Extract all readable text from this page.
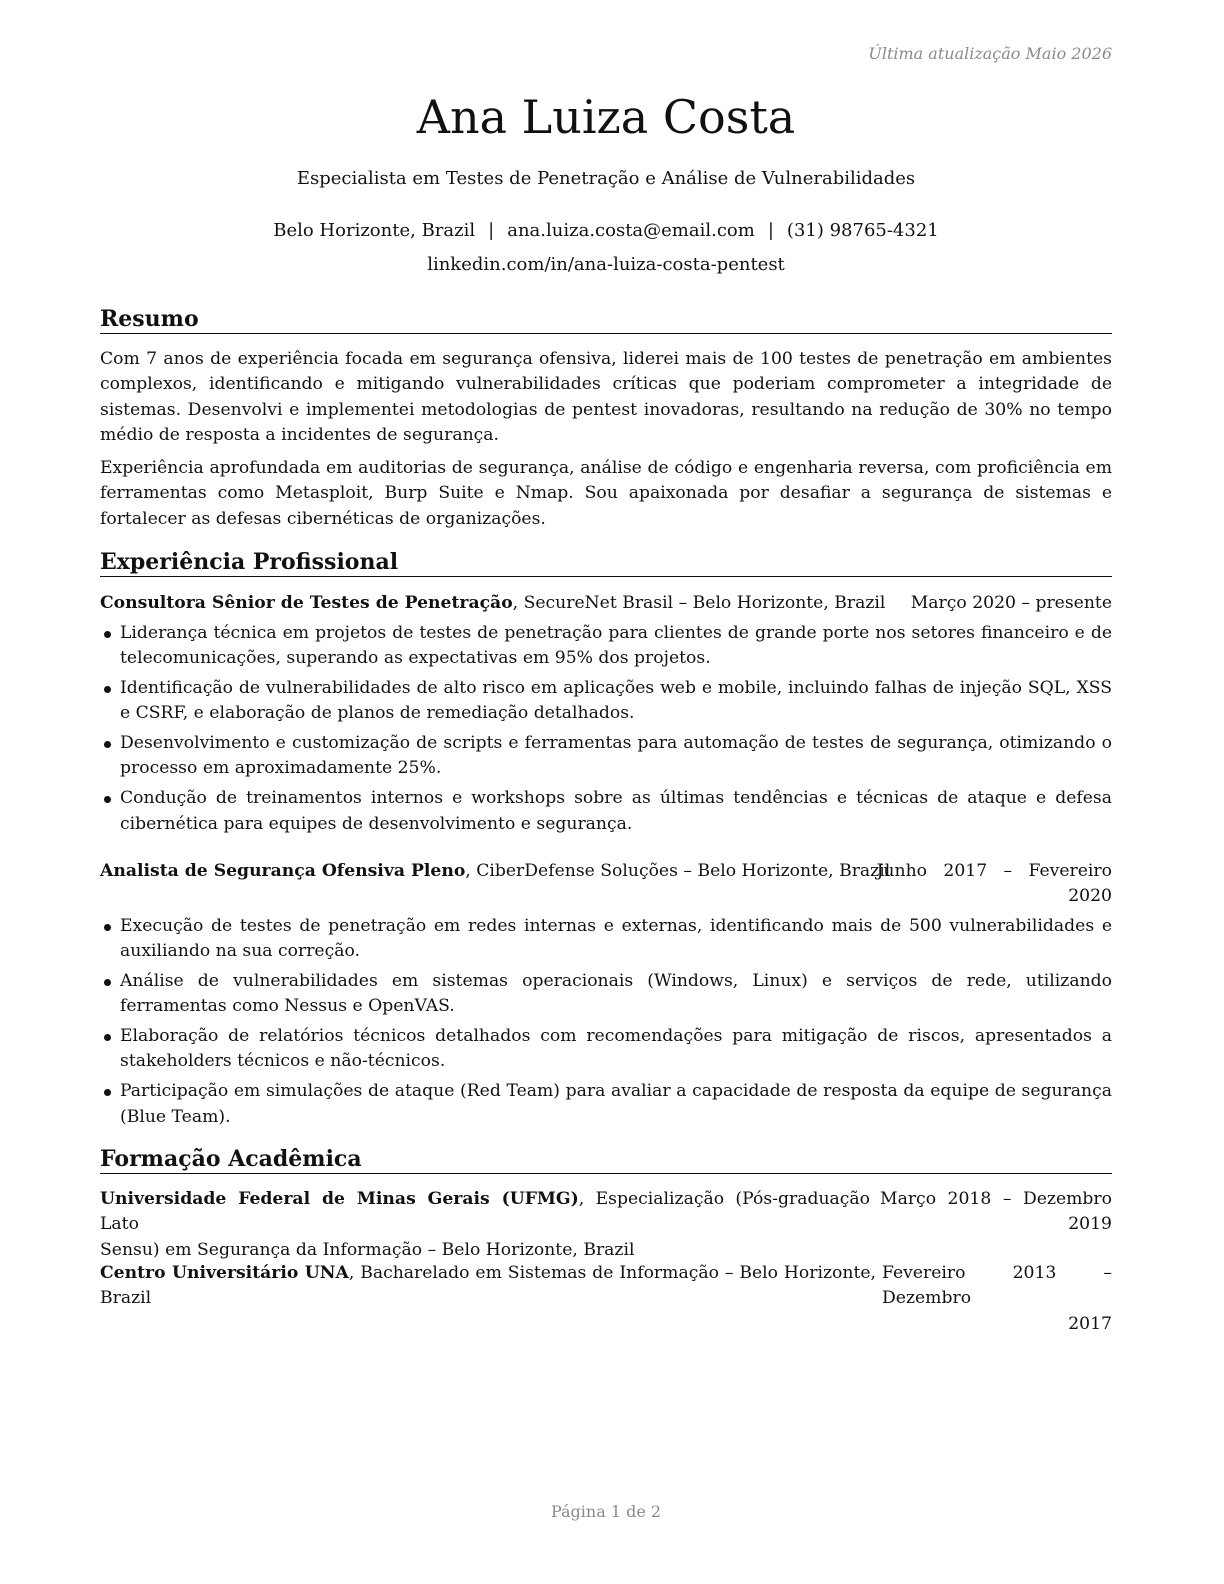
Última atualização Maio 2026
Ana Luiza Costa
Especialista em Testes de Penetração e Análise de Vulnerabilidades
Belo Horizonte, Brazil | ana.luiza.costa@email.com | (31) 98765-4321
linkedin.com/in/ana-luiza-costa-pentest
Resumo

Com 7 anos de experiência focada em segurança ofensiva, liderei mais de 100 testes de penetração em ambientes complexos, identificando e mitigando vulnerabilidades críticas que poderiam comprometer a integridade de sistemas. Desenvolvi e implementei metodologias de pentest inovadoras, resultando na redução de 30% no tempo médio de resposta a incidentes de segurança.

Experiência aprofundada em auditorias de segurança, análise de código e engenharia reversa, com proficiência em ferramentas como Metasploit, Burp Suite e Nmap. Sou apaixonada por desafiar a segurança de sistemas e fortalecer as defesas cibernéticas de organizações.

Experiência Profissional
Consultora Sênior de Testes de Penetração, SecureNet Brasil – Belo Horizonte, Brazil Março 2020 – presente
Liderança técnica em projetos de testes de penetração para clientes de grande porte nos setores financeiro e de telecomunicações, superando as expectativas em 95% dos projetos.
Identificação de vulnerabilidades de alto risco em aplicações web e mobile, incluindo falhas de injeção SQL, XSS e CSRF, e elaboração de planos de remediação detalhados.
Desenvolvimento e customização de scripts e ferramentas para automação de testes de segurança, otimizando o processo em aproximadamente 25%.
Condução de treinamentos internos e workshops sobre as últimas tendências e técnicas de ataque e defesa cibernética para equipes de desenvolvimento e segurança.
Analista de Segurança Ofensiva Pleno, CiberDefense Soluções – Belo Horizonte, Brazil
Junho   2017   –   Fevereiro
2020
Execução de testes de penetração em redes internas e externas, identificando mais de 500 vulnerabilidades e auxiliando na sua correção.
Análise de vulnerabilidades em sistemas operacionais (Windows, Linux) e serviços de rede, utilizando ferramentas como Nessus e OpenVAS.
Elaboração de relatórios técnicos detalhados com recomendações para mitigação de riscos, apresentados a stakeholders técnicos e não-técnicos.
Participação em simulações de ataque (Red Team) para avaliar a capacidade de resposta da equipe de segurança (Blue Team).
Formação Acadêmica
Universidade Federal de Minas Gerais (UFMG), Especialização (Pós-graduação Lato
Sensu) em Segurança da Informação – Belo Horizonte, Brazil
Março 2018 – Dezembro
2019
Centro Universitário UNA, Bacharelado em Sistemas de Informação – Belo Horizonte,
Brazil
Fevereiro 2013 – Dezembro
2017
Página 1 de 2
